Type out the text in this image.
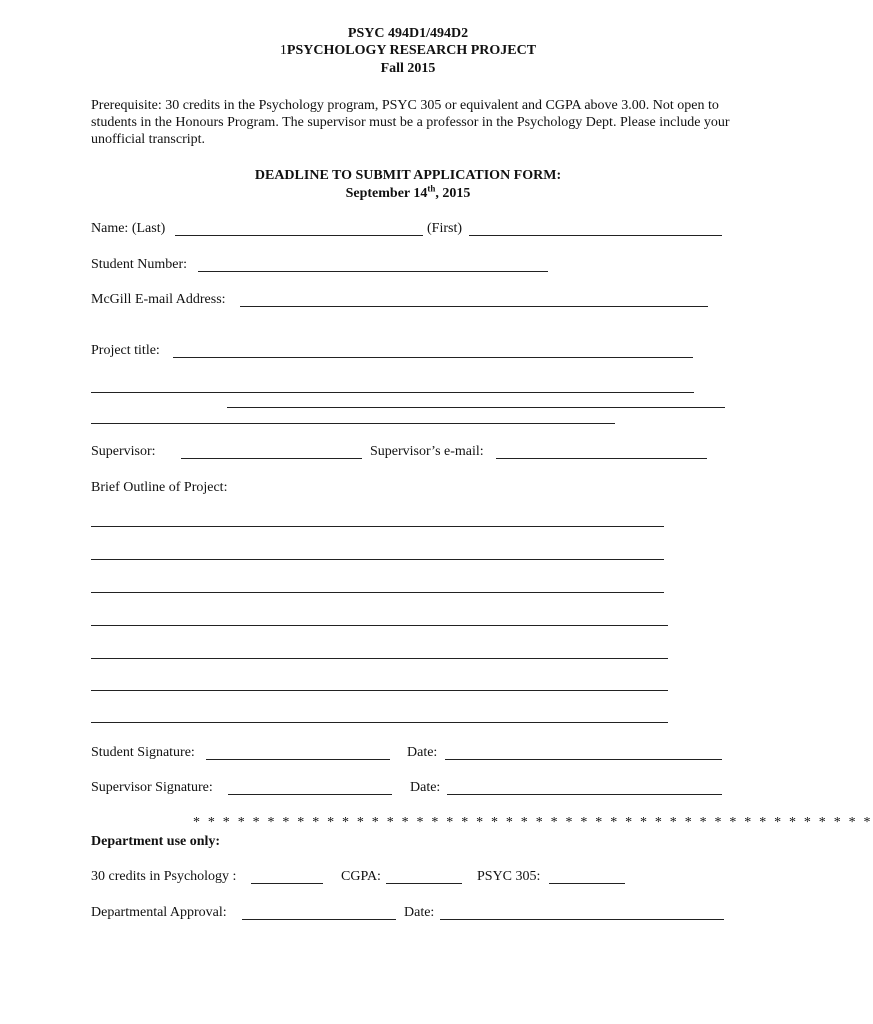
PSYC 494D1/494D2
1PSYCHOLOGY RESEARCH PROJECT
Fall 2015
Prerequisite: 30 credits in the Psychology program, PSYC 305 or equivalent and CGPA above 3.00. Not open to students in the Honours Program. The supervisor must be a professor in the Psychology Dept. Please include your unofficial transcript.
DEADLINE TO SUBMIT APPLICATION FORM:
September 14th, 2015
Name: (Last)	(First)
Student Number:
McGill E-mail Address:
Project title:
Supervisor:	Supervisor’s e-mail:
Brief Outline of Project:
Student Signature:	Date:
Supervisor Signature:	Date:
* * * * * * * * * * * * * * * * * * * * * * * * * * * * * * * * * * * * * * * * * * * * * *
Department use only:
30 credits in Psychology :	CGPA:	PSYC 305:
Departmental Approval:	Date:
